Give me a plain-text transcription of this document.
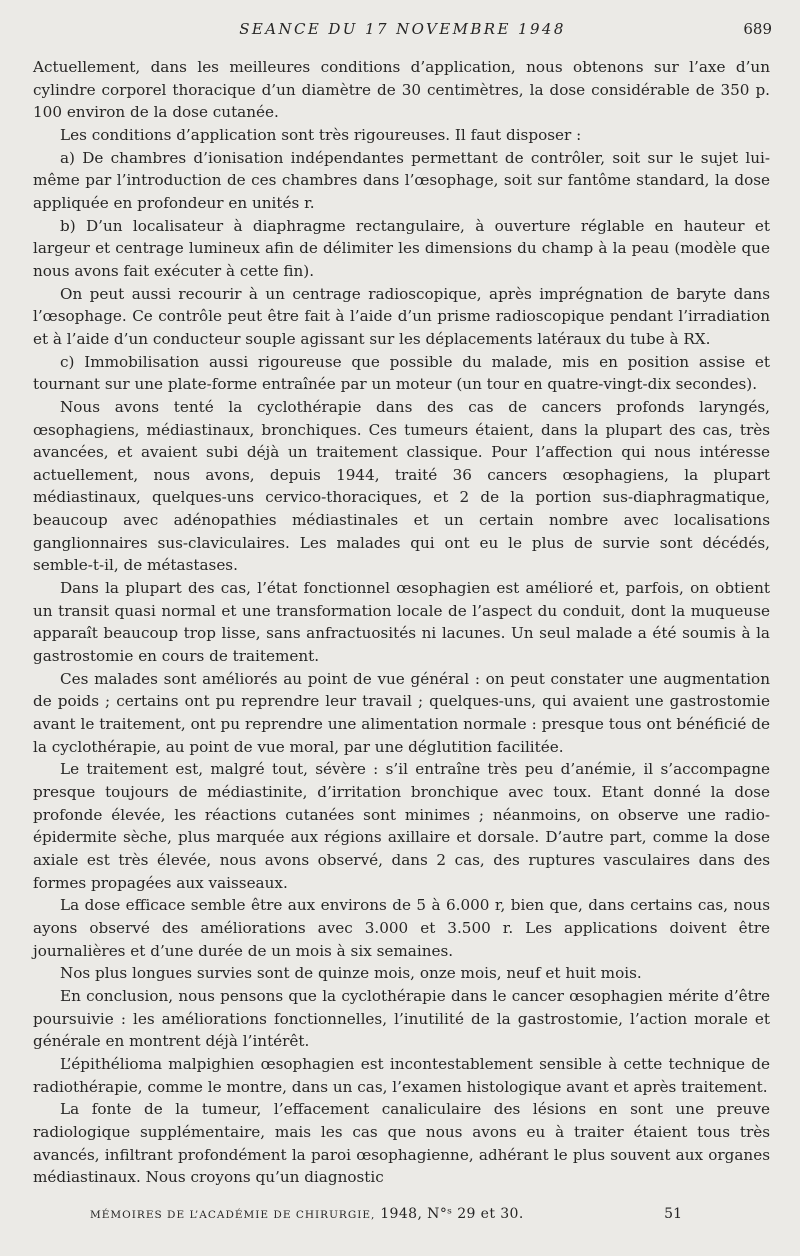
SEANCE DU 17 NOVEMBRE 1948	689

Actuellement, dans les meilleures conditions d’application, nous obtenons sur l’axe d’un cylindre corporel thoracique d’un diamètre de 30 centimètres, la dose considérable de 350 p. 100 environ de la dose cutanée.

Les conditions d’application sont très rigoureuses. Il faut disposer :

a) De chambres d’ionisation indépendantes permettant de contrôler, soit sur le sujet lui-même par l’introduction de ces chambres dans l’œsophage, soit sur fantôme standard, la dose appliquée en profondeur en unités r.

b) D’un localisateur à diaphragme rectangulaire, à ouverture réglable en hauteur et largeur et centrage lumineux afin de délimiter les dimensions du champ à la peau (modèle que nous avons fait exécuter à cette fin).

On peut aussi recourir à un centrage radioscopique, après imprégnation de baryte dans l’œsophage. Ce contrôle peut être fait à l’aide d’un prisme radioscopique pendant l’irradiation et à l’aide d’un conducteur souple agissant sur les déplacements latéraux du tube à RX.

c) Immobilisation aussi rigoureuse que possible du malade, mis en position assise et tournant sur une plate-forme entraînée par un moteur (un tour en quatre-vingt-dix secondes).

Nous avons tenté la cyclothérapie dans des cas de cancers profonds laryngés, œsophagiens, médiastinaux, bronchiques. Ces tumeurs étaient, dans la plupart des cas, très avancées, et avaient subi déjà un traitement classique. Pour l’affection qui nous intéresse actuellement, nous avons, depuis 1944, traité 36 cancers œsophagiens, la plupart médiastinaux, quelques-uns cervico-thoraciques, et 2 de la portion sus-diaphragmatique, beaucoup avec adénopathies médiastinales et un certain nombre avec localisations ganglionnaires sus-claviculaires. Les malades qui ont eu le plus de survie sont décédés, semble-t-il, de métastases.

Dans la plupart des cas, l’état fonctionnel œsophagien est amélioré et, parfois, on obtient un transit quasi normal et une transformation locale de l’aspect du conduit, dont la muqueuse apparaît beaucoup trop lisse, sans anfractuosités ni lacunes. Un seul malade a été soumis à la gastrostomie en cours de traitement.

Ces malades sont améliorés au point de vue général : on peut constater une augmentation de poids ; certains ont pu reprendre leur travail ; quelques-uns, qui avaient une gastrostomie avant le traitement, ont pu reprendre une alimentation normale : presque tous ont bénéficié de la cyclothérapie, au point de vue moral, par une déglutition facilitée.

Le traitement est, malgré tout, sévère : s’il entraîne très peu d’anémie, il s’accompagne presque toujours de médiastinite, d’irritation bronchique avec toux. Etant donné la dose profonde élevée, les réactions cutanées sont minimes ; néanmoins, on observe une radio-épidermite sèche, plus marquée aux régions axillaire et dorsale. D’autre part, comme la dose axiale est très élevée, nous avons observé, dans 2 cas, des ruptures vasculaires dans des formes propagées aux vaisseaux.

La dose efficace semble être aux environs de 5 à 6.000 r, bien que, dans certains cas, nous ayons observé des améliorations avec 3.000 et 3.500 r. Les applications doivent être journalières et d’une durée de un mois à six semaines.

Nos plus longues survies sont de quinze mois, onze mois, neuf et huit mois.

En conclusion, nous pensons que la cyclothérapie dans le cancer œsophagien mérite d’être poursuivie : les améliorations fonctionnelles, l’inutilité de la gastrostomie, l’action morale et générale en montrent déjà l’intérêt.

L’épithélioma malpighien œsophagien est incontestablement sensible à cette technique de radiothérapie, comme le montre, dans un cas, l’examen histologique avant et après traitement.

La fonte de la tumeur, l’effacement canaliculaire des lésions en sont une preuve radiologique supplémentaire, mais les cas que nous avons eu à traiter étaient tous très avancés, infiltrant profondément la paroi œsophagienne, adhérant le plus souvent aux organes médiastinaux. Nous croyons qu’un diagnostic

MÉMOIRES DE L’ACADÉMIE DE CHIRURGIE, 1948, N°ˢ 29 et 30.	51
